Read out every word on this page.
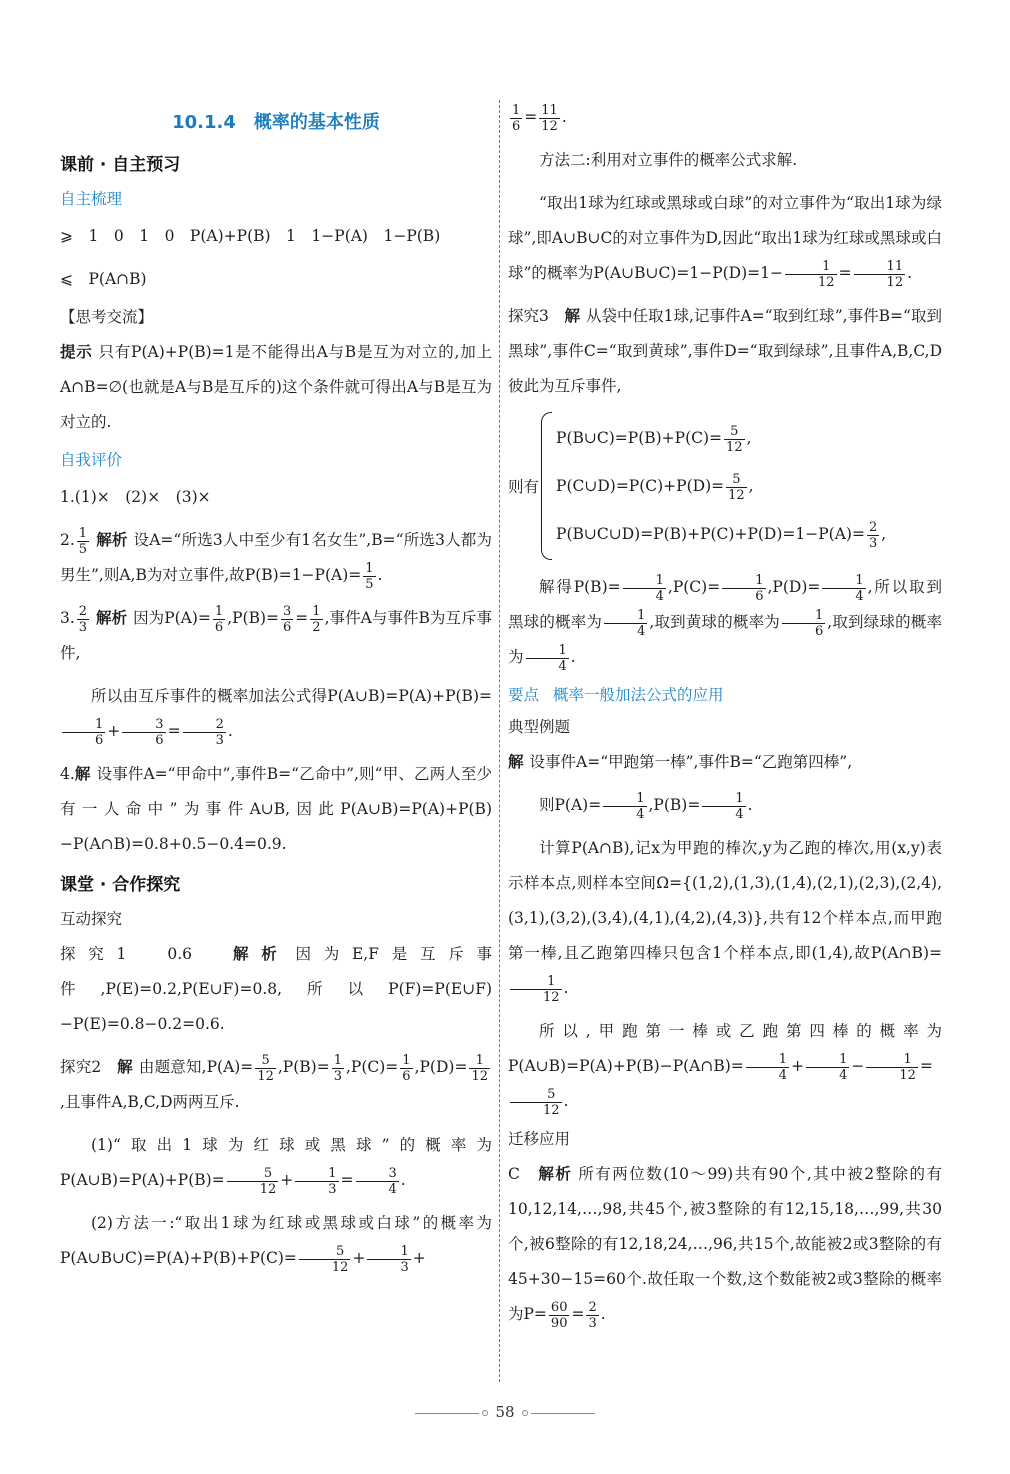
10.1.4　概率的基本性质
课前 · 自主预习
自主梳理

⩾　1　0　1　0　P(A)+P(B)　1　1−P(A)　1−P(B)

⩽　P(A∩B)

【思考交流】

提示 只有P(A)+P(B)=1是不能得出A与B是互为对立的,加上A∩B=∅(也就是A与B是互斥的)这个条件就可得出A与B是互为对立的.

自我评价

1.(1)×　(2)×　(3)×

2. $\frac{1}{5}$ 解析 设A=“所选3人中至少有1名女生”,B=“所选3人都为男生”,则A,B为对立事件,故$P(B)=1-P(A)= \frac{1}{5}$ .

3. $\frac{2}{3}$ 解析 因为$P(A)= \frac{1}{6} ,P(B)= \frac{3}{6} = \frac{1}{2}$ ,事件A与事件B为互斥事件,

所以由互斥事件的概率加法公式得P(A∪B)=P(A)+P(B)=
$\frac{1}{6} + \frac{3}{6} = \frac{2}{3}$ .

4.解 设事件A=“甲命中”,事件B=“乙命中”,则“甲、乙两人至少有一人命中”为事件A∪B,因此P(A∪B)=P(A)+P(B)−P(A∩B)=0.8+0.5−0.4=0.9.

课堂 · 合作探究
互动探究

探究1　0.6　	解析 因为E,F是互斥事件,P(E)=0.2,P(E∪F)=0.8,所以P(F)=P(E∪F)−P(E)=0.8−0.2=0.6.

探究2　 解 由题意知$,P(A)= \frac{5}{12} ,P(B)= \frac{1}{3} ,P(C)= \frac{1}{6} ,P(D)= \frac{1}{12}$
,且事件A,B,C,D两两互斥.

(1)“取出1球为红球或黑球”的概率为P(A∪B)=P(A)+P(B)= $\frac{5}{12} + \frac{1}{3} = \frac{3}{4}$ .

(2)方法一:“取出1球为红球或黑球或白球”的概率为P(A∪B∪C)=P(A)+P(B)+P(C)= $\frac{5}{12} + \frac{1}{3}$ +

$\frac{1}{6} = \frac{11}{12}$ .

方法二:利用对立事件的概率公式求解.

“取出1球为红球或黑球或白球”的对立事件为“取出1球为绿球”,即A∪B∪C的对立事件为D,因此“取出1球为红球或黑球或白球”的概率为P(A∪B∪C)=1−P(D)=1− $\frac{1}{12} = \frac{11}{12}$ .

探究3　 解 从袋中任取1球,记事件A=“取到红球”,事件B=“取到黑球”,事件C=“取到黄球”,事件D=“取到绿球”,且事件A,B,C,D彼此为互斥事件,

则有

P(B∪C)=P(B)+P(C)= $\frac{5}{12}$ ,

P(C∪D)=P(C)+P(D)= $\frac{5}{12}$ ,

P(B∪C∪D)=P(B)+P(C)+P(D)=1−P(A)= $\frac{2}{3}$ ,

解得$P(B)= \frac{1}{4} ,P(C)= \frac{1}{6} ,P(D)= \frac{1}{4}$ ,所以取到黑球的概率为 $\frac{1}{4}$ ,取到黄球的概率为 $\frac{1}{6}$ ,取到绿球的概率为 $\frac{1}{4}$ .

要点 概率一般加法公式的应用
典型例题

解 设事件A=“甲跑第一棒”,事件B=“乙跑第四棒”,

则$P(A)= \frac{1}{4} ,P(B)= \frac{1}{4}$ .

计算P(A∩B),记x为甲跑的棒次,y为乙跑的棒次,用(x,y)表示样本点,则样本空间Ω={(1,2),(1,3),(1,4),(2,1),(2,3),(2,4),(3,1),(3,2),(3,4),(4,1),(4,2),(4,3)},共有12个样本点,而甲跑第一棒,且乙跑第四棒只包含1个样本点,即(1,4),故P(A∩B)=
$\frac{1}{12}$ .

所以,甲跑第一棒或乙跑第四棒的概率为P(A∪B)=P(A)+P(B)−P(A∩B)= $\frac{1}{4} + \frac{1}{4} - \frac{1}{12}$ =
$\frac{5}{12}$ .

迁移应用

C　 解析 所有两位数(10～99)共有90个,其中被2整除的有10,12,14,…,98,共45个,被3整除的有12,15,18,…,99,共30个,被6整除的有12,18,24,…,96,共15个,故能被2或3整除的有45+30−15=60个.故任取一个数,这个数能被2或3整除的概率为$P= \frac{60}{90} = \frac{2}{3}$ .

58
